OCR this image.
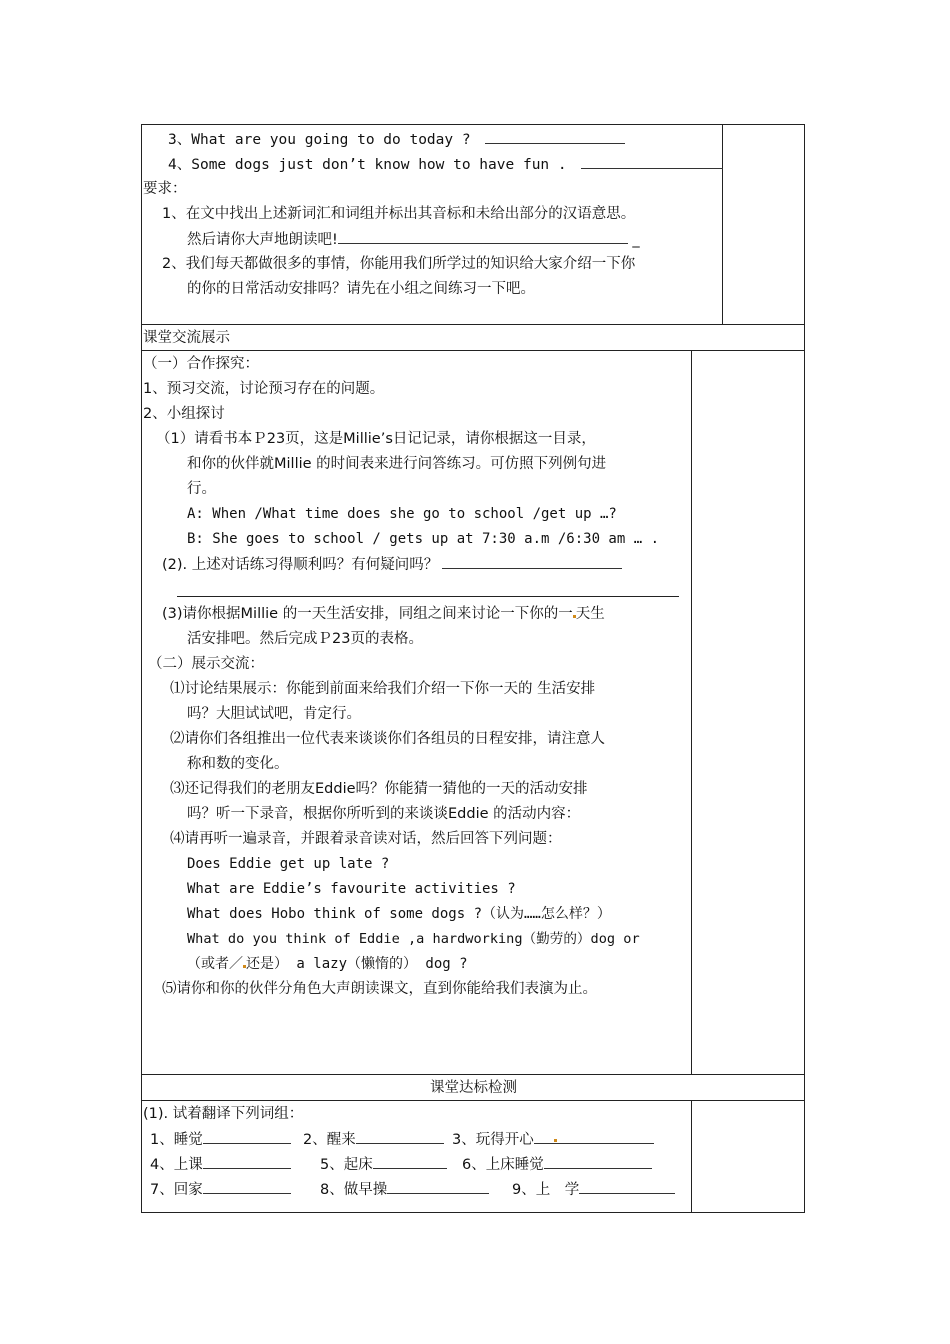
3、What are you going to do today ?
4、Some dogs just don’t know how to have fun .
要求：
1、在文中找出上述新词汇和词组并标出其音标和未给出部分的汉语意思。
然后请你大声地朗读吧!	_
2、我们每天都做很多的事情，你能用我们所学过的知识给大家介绍一下你
的你的日常活动安排吗？请先在小组之间练习一下吧。
课堂交流展示
（一）合作探究：
1、预习交流，讨论预习存在的问题。
2、小组探讨
（1）请看书本Ｐ23页，这是Millie’s日记记录，请你根据这一目录，
和你的伙伴就Millie 的时间表来进行问答练习。可仿照下列例句进
行。
A: When /What time does she go to school /get up …?
B: She goes to school / gets up at 7:30 a.m /6:30 am … .
(2). 上述对话练习得顺利吗？有何疑问吗？
(3)请你根据Millie 的一天生活安排，同组之间来讨论一下你的一 天生
活安排吧。然后完成Ｐ23页的表格。
（二）展示交流：
⑴讨论结果展示：你能到前面来给我们介绍一下你一天的 生活安排
吗？大胆试试吧，肯定行。
⑵请你们各组推出一位代表来谈谈你们各组员的日程安排，请注意人
称和数的变化。
⑶还记得我们的老朋友Eddie吗？你能猜一猜他的一天的活动安排
吗？听一下录音，根据你所听到的来谈谈Eddie 的活动内容：
⑷请再听一遍录音，并跟着录音读对话，然后回答下列问题：
Does Eddie get up late ?
What are Eddie’s favourite activities ?
What does Hobo think of some dogs ?（认为……怎么样？）
What do you think of Eddie ,a hardworking（勤劳的）dog or
（或者／ 还是） a lazy（懒惰的） dog ?
⑸请你和你的伙伴分角色大声朗读课文，直到你能给我们表演为止。
课堂达标检测
(1). 试着翻译下列词组：
1、睡觉	2、醒来	3、玩得开心
4、上课	5、起床	6、上床睡觉
7、回家	8、做早操	9、上　学
